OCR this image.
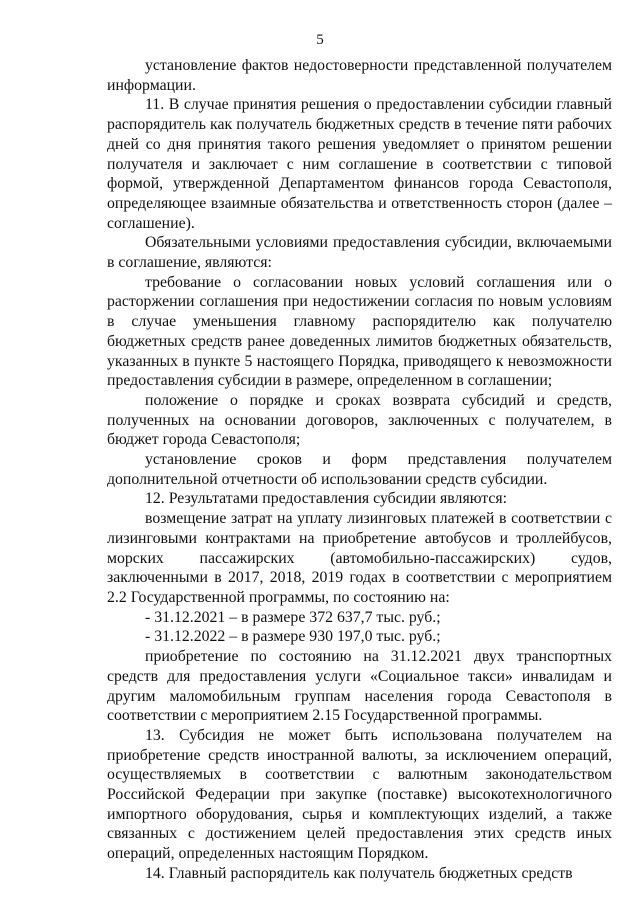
5

установление фактов недостоверности представленной получателем информации.

11. В случае принятия решения о предоставлении субсидии главный распорядитель как получатель бюджетных средств в течение пяти рабочих дней со дня принятия такого решения уведомляет о принятом решении получателя и заключает с ним соглашение в соответствии с типовой формой, утвержденной Департаментом финансов города Севастополя, определяющее взаимные обязательства и ответственность сторон (далее – соглашение).

Обязательными условиями предоставления субсидии, включаемыми в соглашение, являются:

требование о согласовании новых условий соглашения или о расторжении соглашения при недостижении согласия по новым условиям в случае уменьшения главному распорядителю как получателю бюджетных средств ранее доведенных лимитов бюджетных обязательств, указанных в пункте 5 настоящего Порядка, приводящего к невозможности предоставления субсидии в размере, определенном в соглашении;

положение о порядке и сроках возврата субсидий и средств, полученных на основании договоров, заключенных с получателем, в бюджет города Севастополя;

установление сроков и форм представления получателем дополнительной отчетности об использовании средств субсидии.

12. Результатами предоставления субсидии являются:

возмещение затрат на уплату лизинговых платежей в соответствии с лизинговыми контрактами на приобретение автобусов и троллейбусов, морских пассажирских (автомобильно-пассажирских) судов, заключенными в 2017, 2018, 2019 годах в соответствии с мероприятием 2.2 Государственной программы, по состоянию на:

- 31.12.2021 – в размере 372 637,7 тыс. руб.;

- 31.12.2022 – в размере 930 197,0 тыс. руб.;

приобретение по состоянию на 31.12.2021 двух транспортных средств для предоставления услуги «Социальное такси» инвалидам и другим маломобильным группам населения города Севастополя в соответствии с мероприятием 2.15 Государственной программы.

13. Субсидия не может быть использована получателем на приобретение средств иностранной валюты, за исключением операций, осуществляемых в соответствии с валютным законодательством Российской Федерации при закупке (поставке) высокотехнологичного импортного оборудования, сырья и комплектующих изделий, а также связанных с достижением целей предоставления этих средств иных операций, определенных настоящим Порядком.

14. Главный распорядитель как получатель бюджетных средств
